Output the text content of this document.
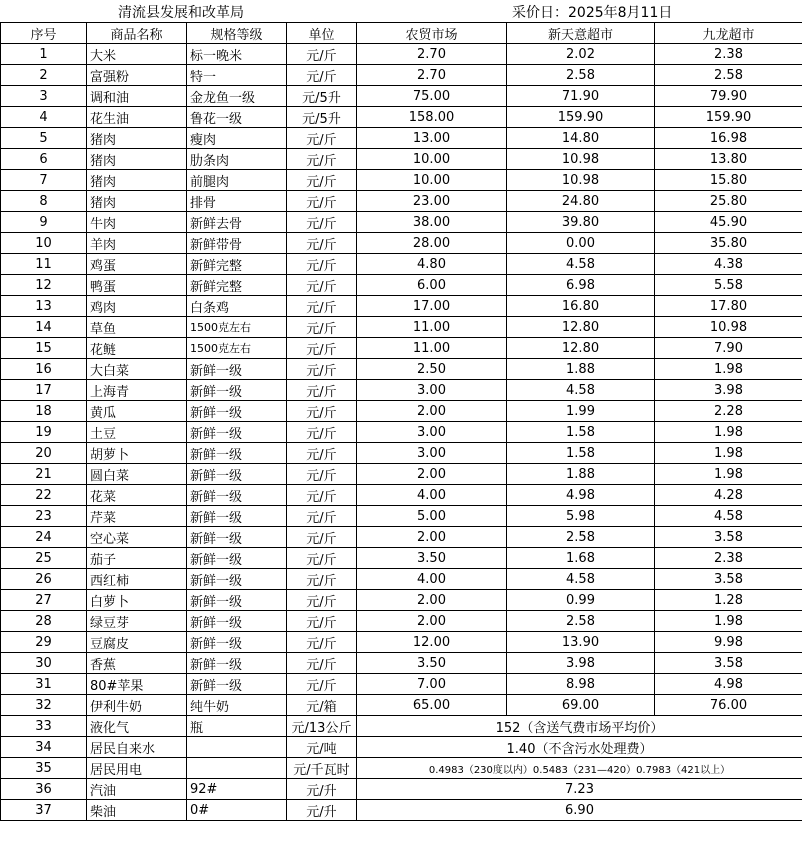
清流县发展和改革局	采价日：2025年8月11日
序号	商品名称	规格等级	单位	农贸市场	新天意超市	九龙超市
1	大米	标一晚米	元/斤	2.70	2.02	2.38
2	富强粉	特一	元/斤	2.70	2.58	2.58
3	调和油	金龙鱼一级	元/5升	75.00	71.90	79.90
4	花生油	鲁花一级	元/5升	158.00	159.90	159.90
5	猪肉	瘦肉	元/斤	13.00	14.80	16.98
6	猪肉	肋条肉	元/斤	10.00	10.98	13.80
7	猪肉	前腿肉	元/斤	10.00	10.98	15.80
8	猪肉	排骨	元/斤	23.00	24.80	25.80
9	牛肉	新鲜去骨	元/斤	38.00	39.80	45.90
10	羊肉	新鲜带骨	元/斤	28.00	0.00	35.80
11	鸡蛋	新鲜完整	元/斤	4.80	4.58	4.38
12	鸭蛋	新鲜完整	元/斤	6.00	6.98	5.58
13	鸡肉	白条鸡	元/斤	17.00	16.80	17.80
14	草鱼	1500克左右	元/斤	11.00	12.80	10.98
15	花鲢	1500克左右	元/斤	11.00	12.80	7.90
16	大白菜	新鲜一级	元/斤	2.50	1.88	1.98
17	上海青	新鲜一级	元/斤	3.00	4.58	3.98
18	黄瓜	新鲜一级	元/斤	2.00	1.99	2.28
19	土豆	新鲜一级	元/斤	3.00	1.58	1.98
20	胡萝卜	新鲜一级	元/斤	3.00	1.58	1.98
21	圆白菜	新鲜一级	元/斤	2.00	1.88	1.98
22	花菜	新鲜一级	元/斤	4.00	4.98	4.28
23	芹菜	新鲜一级	元/斤	5.00	5.98	4.58
24	空心菜	新鲜一级	元/斤	2.00	2.58	3.58
25	茄子	新鲜一级	元/斤	3.50	1.68	2.38
26	西红柿	新鲜一级	元/斤	4.00	4.58	3.58
27	白萝卜	新鲜一级	元/斤	2.00	0.99	1.28
28	绿豆芽	新鲜一级	元/斤	2.00	2.58	1.98
29	豆腐皮	新鲜一级	元/斤	12.00	13.90	9.98
30	香蕉	新鲜一级	元/斤	3.50	3.98	3.58
31	80#苹果	新鲜一级	元/斤	7.00	8.98	4.98
32	伊利牛奶	纯牛奶	元/箱	65.00	69.00	76.00
33	液化气	瓶	元/13公斤	152（含送气费市场平均价）		
34	居民自来水		元/吨	1.40（不含污水处理费）		
35	居民用电		元/千瓦时	0.4983（230度以内）0.5483（231—420）0.7983（421以上）		
36	汽油	92#	元/升	7.23		
37	柴油	0#	元/升	6.90		
